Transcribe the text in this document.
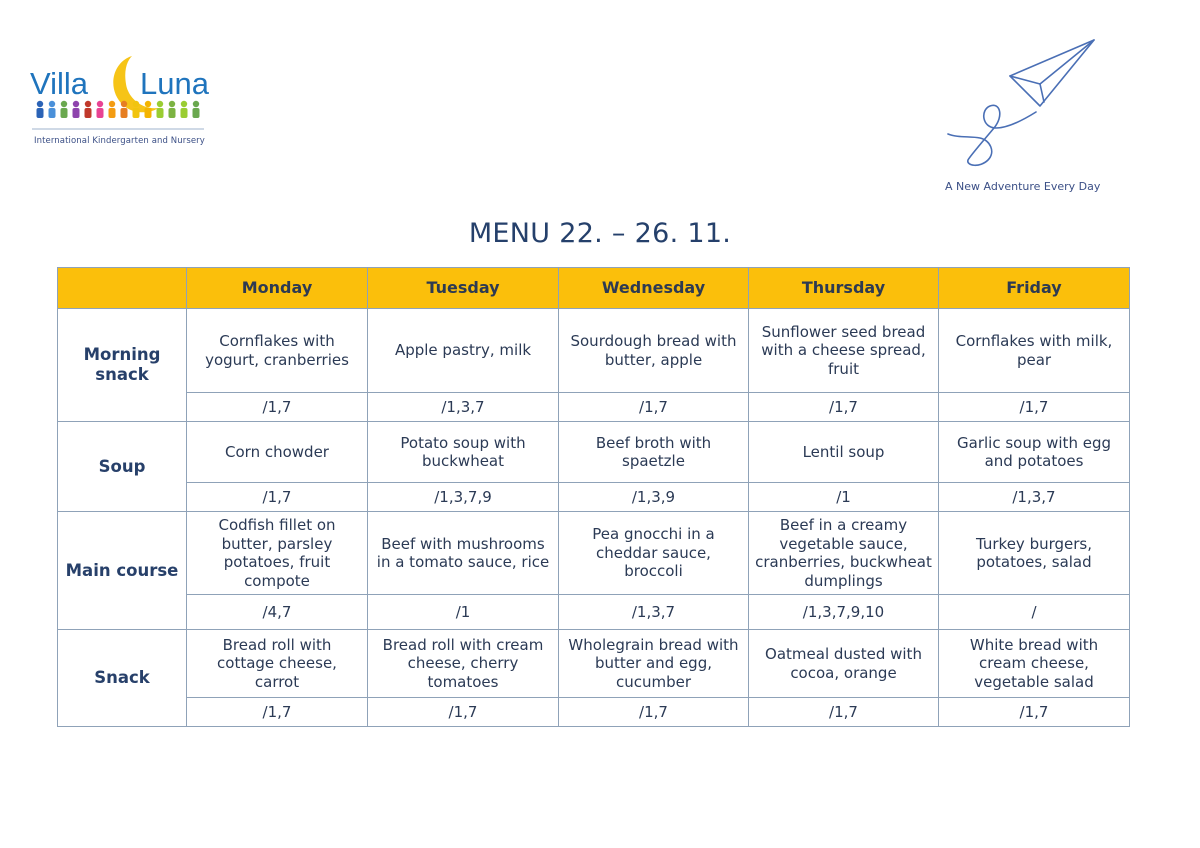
Villa Luna
International Kindergarten and Nursery
A New Adventure Every Day
MENU 22. – 26. 11.
	Monday	Tuesday	Wednesday	Thursday	Friday
Morning snack	Cornflakes with yogurt, cranberries	Apple pastry, milk	Sourdough bread with butter, apple	Sunflower seed bread with a cheese spread, fruit	Cornflakes with milk, pear
	/1,7	/1,3,7	/1,7	/1,7	/1,7
Soup	Corn chowder	Potato soup with buckwheat	Beef broth with spaetzle	Lentil soup	Garlic soup with egg and potatoes
	/1,7	/1,3,7,9	/1,3,9	/1	/1,3,7
Main course	Codfish fillet on butter, parsley potatoes, fruit compote	Beef with mushrooms in a tomato sauce, rice	Pea gnocchi in a cheddar sauce, broccoli	Beef in a creamy vegetable sauce, cranberries, buckwheat dumplings	Turkey burgers, potatoes, salad
	/4,7	/1	/1,3,7	/1,3,7,9,10	/
Snack	Bread roll with cottage cheese, carrot	Bread roll with cream cheese, cherry tomatoes	Wholegrain bread with butter and egg, cucumber	Oatmeal dusted with cocoa, orange	White bread with cream cheese, vegetable salad
	/1,7	/1,7	/1,7	/1,7	/1,7
